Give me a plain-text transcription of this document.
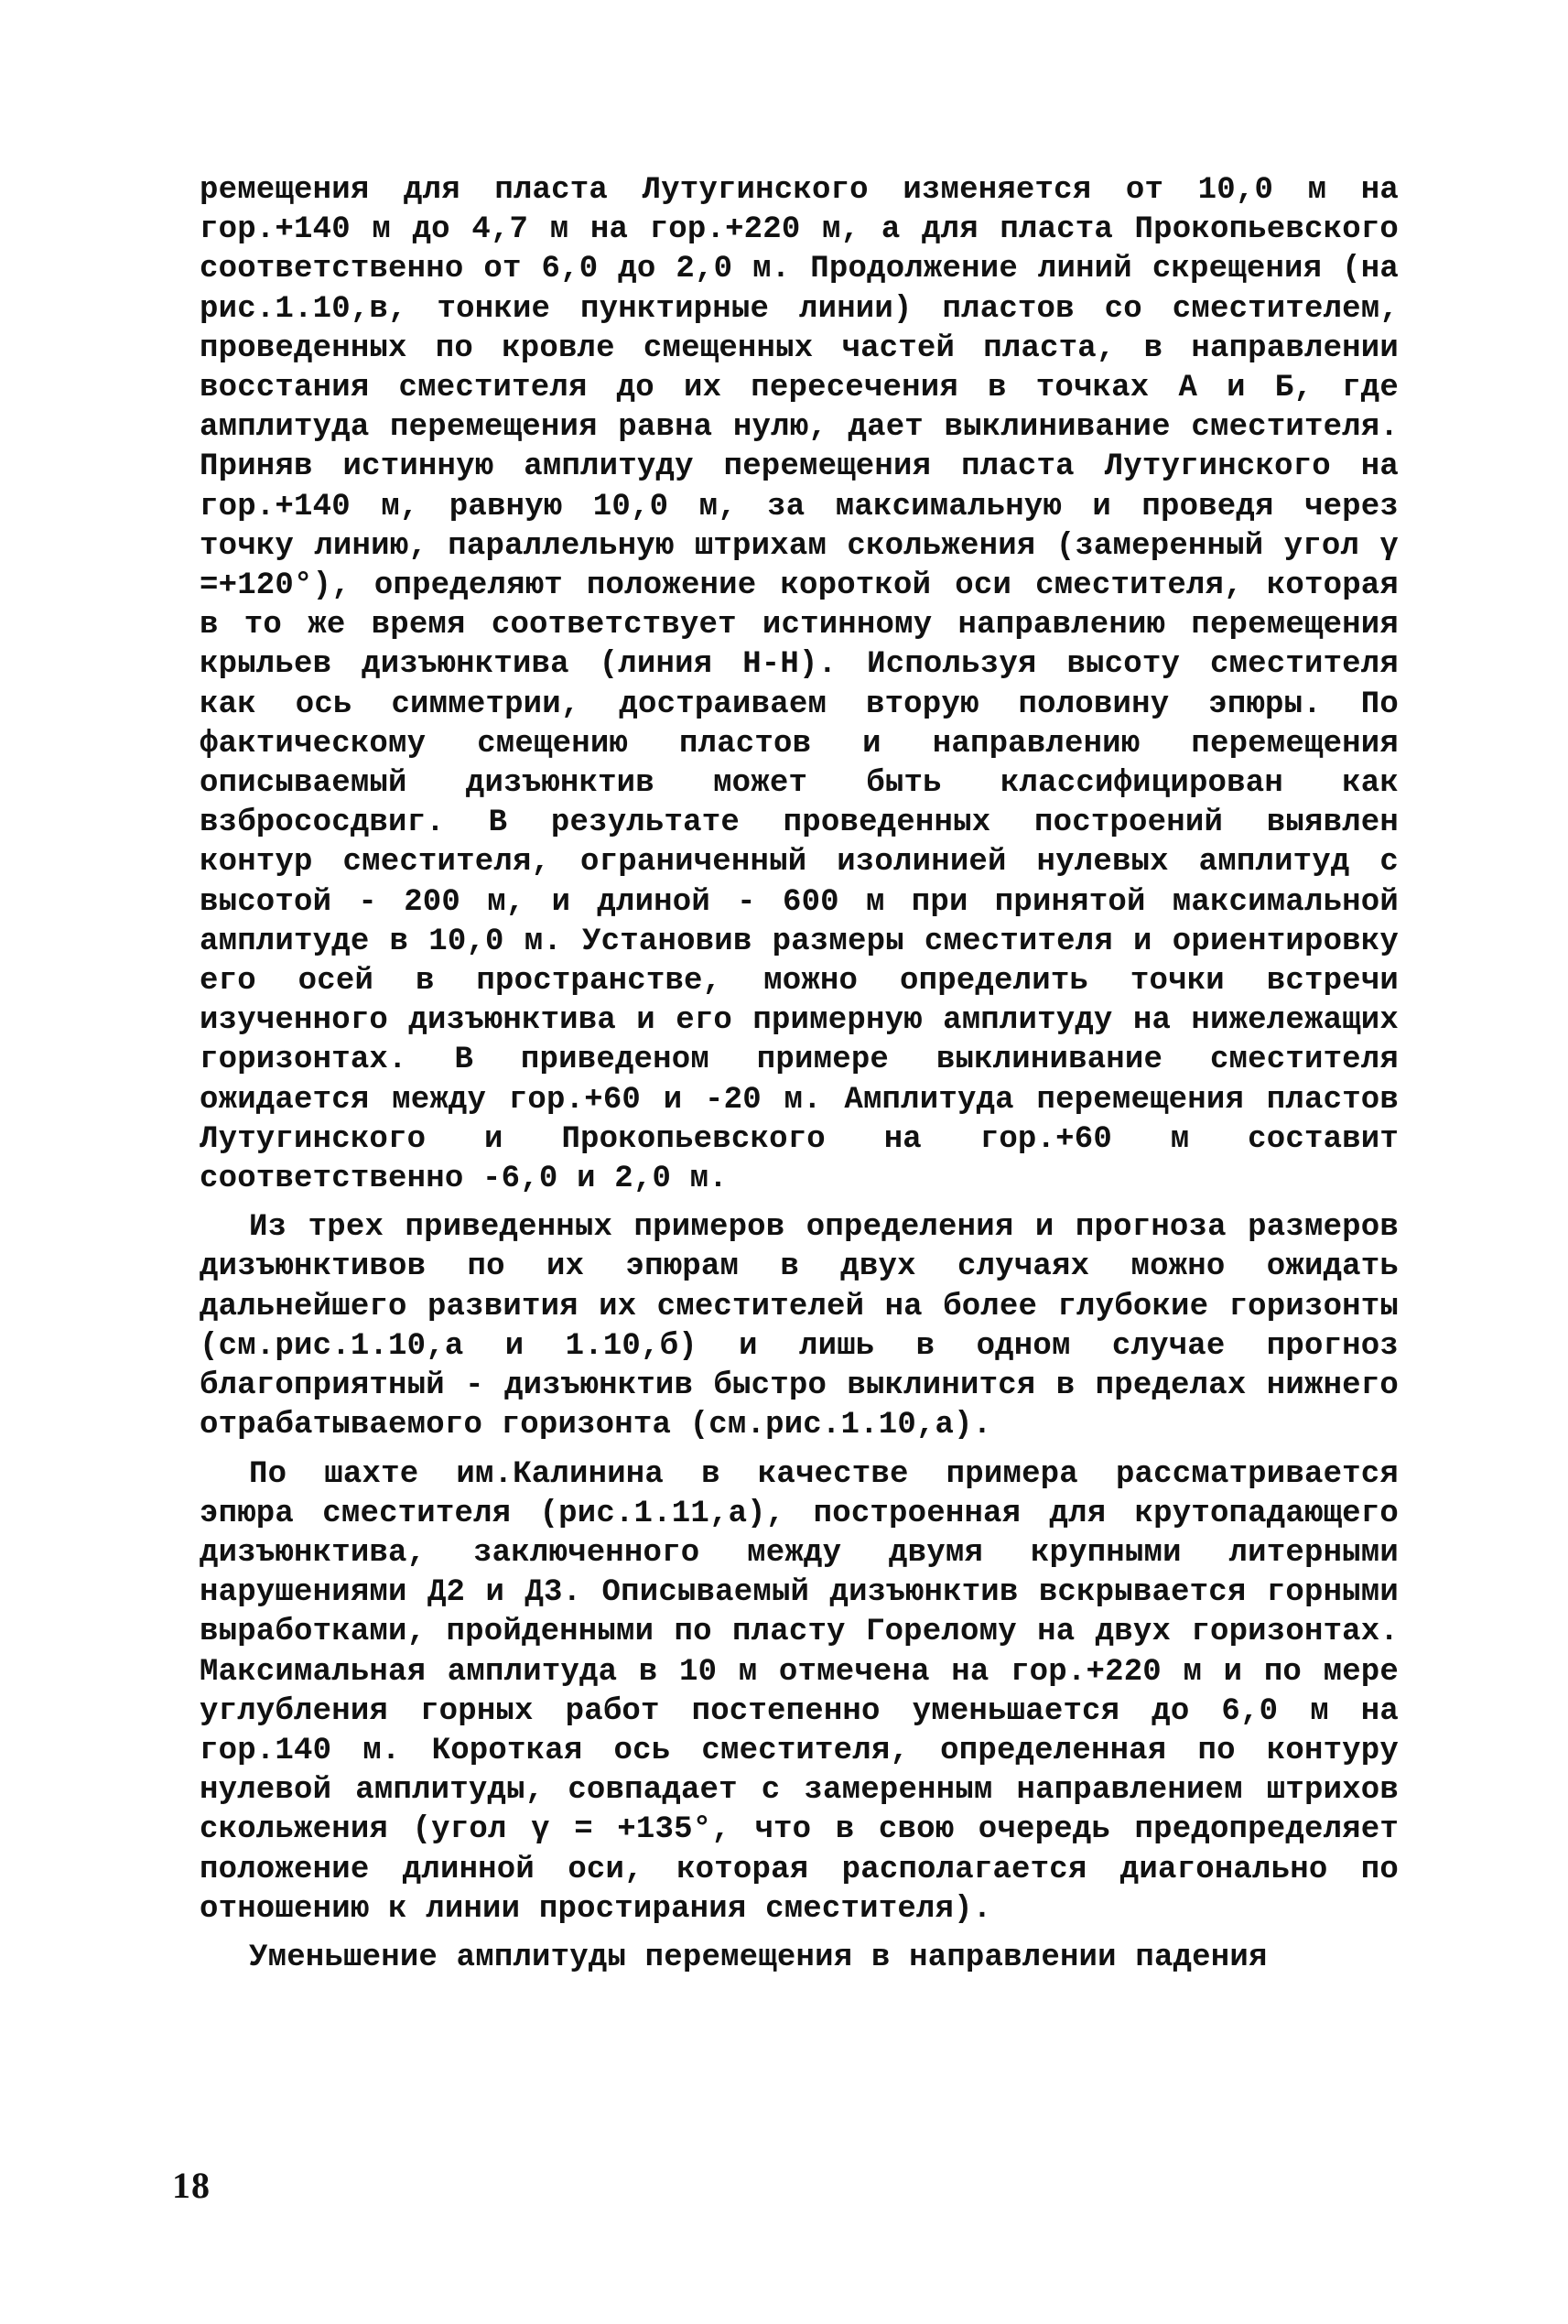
ремещения для пласта Лутугинского изменяется от 10,0 м на гор.+140 м до 4,7 м на гор.+220 м, а для пласта Прокопьевского соответственно от 6,0 до 2,0 м. Продолжение линий скрещения (на рис.1.10,в, тонкие пунктирные линии) пластов со сместителем, проведенных по кровле смещенных частей пласта, в направлении восстания сместителя до их пересечения в точках А и Б, где амплитуда перемещения равна нулю, дает выклинивание сместителя. Приняв истинную амплитуду перемещения пласта Лутугинского на гор.+140 м, равную 10,0 м, за максимальную и проведя через точку линию, параллельную штрихам скольжения (замеренный угол γ =+120°), определяют положение короткой оси сместителя, которая в то же время соответствует истинному направлению перемещения крыльев дизъюнктива (линия Н-Н). Используя высоту сместителя как ось симметрии, достраиваем вторую половину эпюры. По фактическому смещению пластов и направлению перемещения описываемый дизъюнктив может быть классифицирован как взбрососдвиг. В результате проведенных построений выявлен контур сместителя, ограниченный изолинией нулевых амплитуд с высотой - 200 м, и длиной - 600 м при принятой максимальной амплитуде в 10,0 м. Установив размеры сместителя и ориентировку его осей в пространстве, можно определить точки встречи изученного дизъюнктива и его примерную амплитуду на нижележащих горизонтах. В приведеном примере выклинивание сместителя ожидается между гор.+60 и -20 м. Амплитуда перемещения пластов Лутугинского и Прокопьевского на гор.+60 м составит соответственно -6,0 и 2,0 м.

Из трех приведенных примеров определения и прогноза размеров дизъюнктивов по их эпюрам в двух случаях можно ожидать дальнейшего развития их сместителей на более глубокие горизонты (см.рис.1.10,а и 1.10,б) и лишь в одном случае прогноз благоприятный - дизъюнктив быстро выклинится в пределах нижнего отрабатываемого горизонта (см.рис.1.10,а).

По шахте им.Калинина в качестве примера рассматривается эпюра сместителя (рис.1.11,а), построенная для крутопадающего дизъюнктива, заключенного между двумя крупными литерными нарушениями Д2 и Д3. Описываемый дизъюнктив вскрывается горными выработками, пройденными по пласту Горелому на двух горизонтах. Максимальная амплитуда в 10 м отмечена на гор.+220 м и по мере углубления горных работ постепенно уменьшается до 6,0 м на гор.140 м. Короткая ось сместителя, определенная по контуру нулевой амплитуды, совпадает с замеренным направлением штрихов скольжения (угол γ = +135°, что в свою очередь предопределяет положение длинной оси, которая располагается диагонально по отношению к линии простирания сместителя).

Уменьшение амплитуды перемещения в направлении падения

18
